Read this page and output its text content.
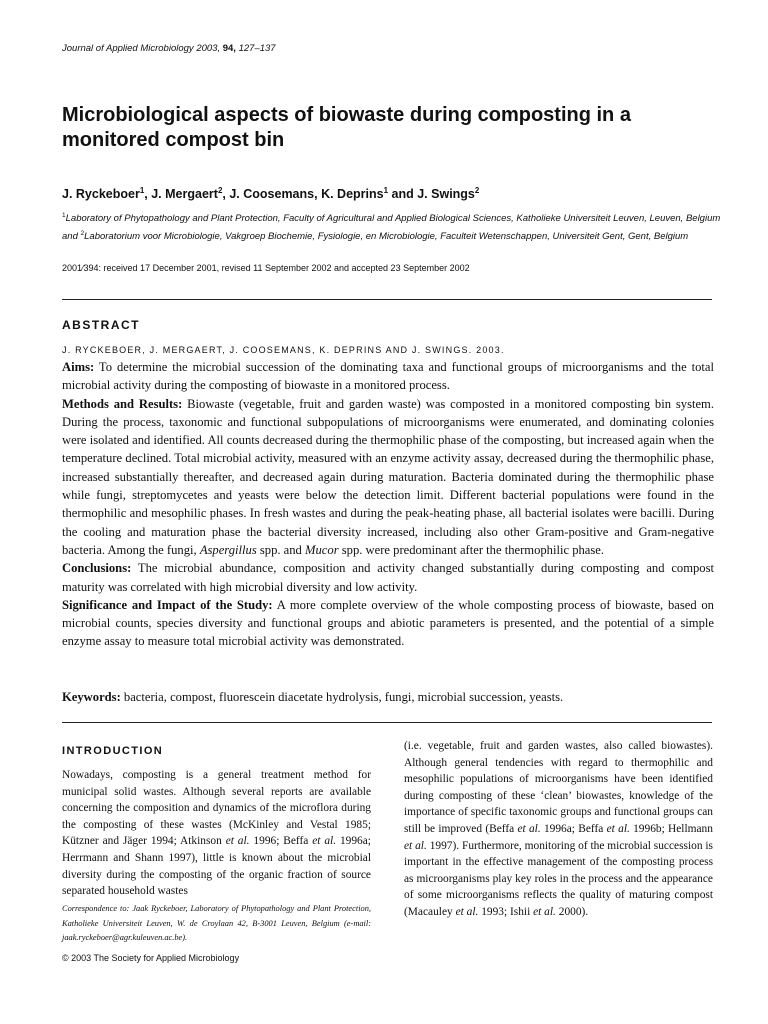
Journal of Applied Microbiology 2003, 94, 127–137
Microbiological aspects of biowaste during composting in a monitored compost bin
J. Ryckeboer$^1$, J. Mergaert$^2$, J. Coosemans, K. Deprins$^1$ and J. Swings$^2$
$^1$Laboratory of Phytopathology and Plant Protection, Faculty of Agricultural and Applied Biological Sciences, Katholieke Universiteit Leuven, Leuven, Belgium and $^2$Laboratorium voor Microbiologie, Vakgroep Biochemie, Fysiologie, en Microbiologie, Faculteit Wetenschappen, Universiteit Gent, Gent, Belgium
2001∕394: received 17 December 2001, revised 11 September 2002 and accepted 23 September 2002
ABSTRACT
J. RYCKEBOER, J. MERGAERT, J. COOSEMANS, K. DEPRINS AND J. SWINGS. 2003.

Aims: To determine the microbial succession of the dominating taxa and functional groups of microorganisms and the total microbial activity during the composting of biowaste in a monitored process.

Methods and Results: Biowaste (vegetable, fruit and garden waste) was composted in a monitored composting bin system. During the process, taxonomic and functional subpopulations of microorganisms were enumerated, and dominating colonies were isolated and identified. All counts decreased during the thermophilic phase of the composting, but increased again when the temperature declined. Total microbial activity, measured with an enzyme activity assay, decreased during the thermophilic phase, increased substantially thereafter, and decreased again during maturation. Bacteria dominated during the thermophilic phase while fungi, streptomycetes and yeasts were below the detection limit. Different bacterial populations were found in the thermophilic and mesophilic phases. In fresh wastes and during the peak-heating phase, all bacterial isolates were bacilli. During the cooling and maturation phase the bacterial diversity increased, including also other Gram-positive and Gram-negative bacteria. Among the fungi, Aspergillus spp. and Mucor spp. were predominant after the thermophilic phase.

Conclusions: The microbial abundance, composition and activity changed substantially during composting and compost maturity was correlated with high microbial diversity and low activity.

Significance and Impact of the Study: A more complete overview of the whole composting process of biowaste, based on microbial counts, species diversity and functional groups and abiotic parameters is presented, and the potential of a simple enzyme assay to measure total microbial activity was demonstrated.

Keywords: bacteria, compost, fluorescein diacetate hydrolysis, fungi, microbial succession, yeasts.
INTRODUCTION
Nowadays, composting is a general treatment method for municipal solid wastes. Although several reports are available concerning the composition and dynamics of the microflora during the composting of these wastes (McKinley and Vestal 1985; Kützner and Jäger 1994; Atkinson et al. 1996; Beffa et al. 1996a; Herrmann and Shann 1997), little is known about the microbial diversity during the composting of the organic fraction of source separated household wastes
Correspondence to: Jaak Ryckeboer, Laboratory of Phytopathology and Plant Protection, Katholieke Universiteit Leuven, W. de Croylaan 42, B-3001 Leuven, Belgium (e-mail: jaak.ryckeboer@agr.kuleuven.ac.be).
© 2003 The Society for Applied Microbiology
(i.e. vegetable, fruit and garden wastes, also called biowastes). Although general tendencies with regard to thermophilic and mesophilic populations of microorganisms have been identified during composting of these ‘clean’ biowastes, knowledge of the importance of specific taxonomic groups and functional groups can still be improved (Beffa et al. 1996a; Beffa et al. 1996b; Hellmann et al. 1997). Furthermore, monitoring of the microbial succession is important in the effective management of the composting process as microorganisms play key roles in the process and the appearance of some microorganisms reflects the quality of maturing compost (Macauley et al. 1993; Ishii et al. 2000).
